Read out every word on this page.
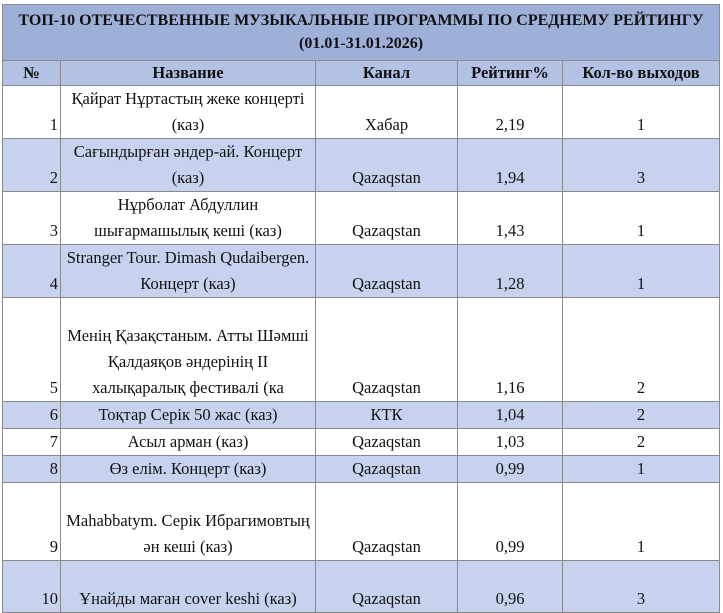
ТОП-10 ОТЕЧЕСТВЕННЫЕ МУЗЫКАЛЬНЫЕ ПРОГРАММЫ ПО СРЕДНЕМУ РЕЙТИНГУ (01.01-31.01.2026)				
№	Название	Канал	Рейтинг%	Кол-во выходов
1	Қайрат Нұртастың жеке концерті (каз)	Хабар	2,19	1
2	Сағындырған әндер-ай. Концерт (каз)	Qazaqstan	1,94	3
3	Нұрболат Абдуллин шығармашылық кеші (каз)	Qazaqstan	1,43	1
4	Stranger Tour. Dimash Qudaibergen. Концерт (каз)	Qazaqstan	1,28	1
5	Менің Қазақстаным. Атты Шәмші Қалдаяқов әндерінің II халықаралық фестивалі (ка	Qazaqstan	1,16	2
6	Тоқтар Серік 50 жас (каз)	КТК	1,04	2
7	Асыл арман (каз)	Qazaqstan	1,03	2
8	Өз елім. Концерт (каз)	Qazaqstan	0,99	1
9	Mahabbatym. Серік Ибрагимовтың ән кеші (каз)	Qazaqstan	0,99	1
10	Ұнайды маған cover keshi (каз)	Qazaqstan	0,96	3
